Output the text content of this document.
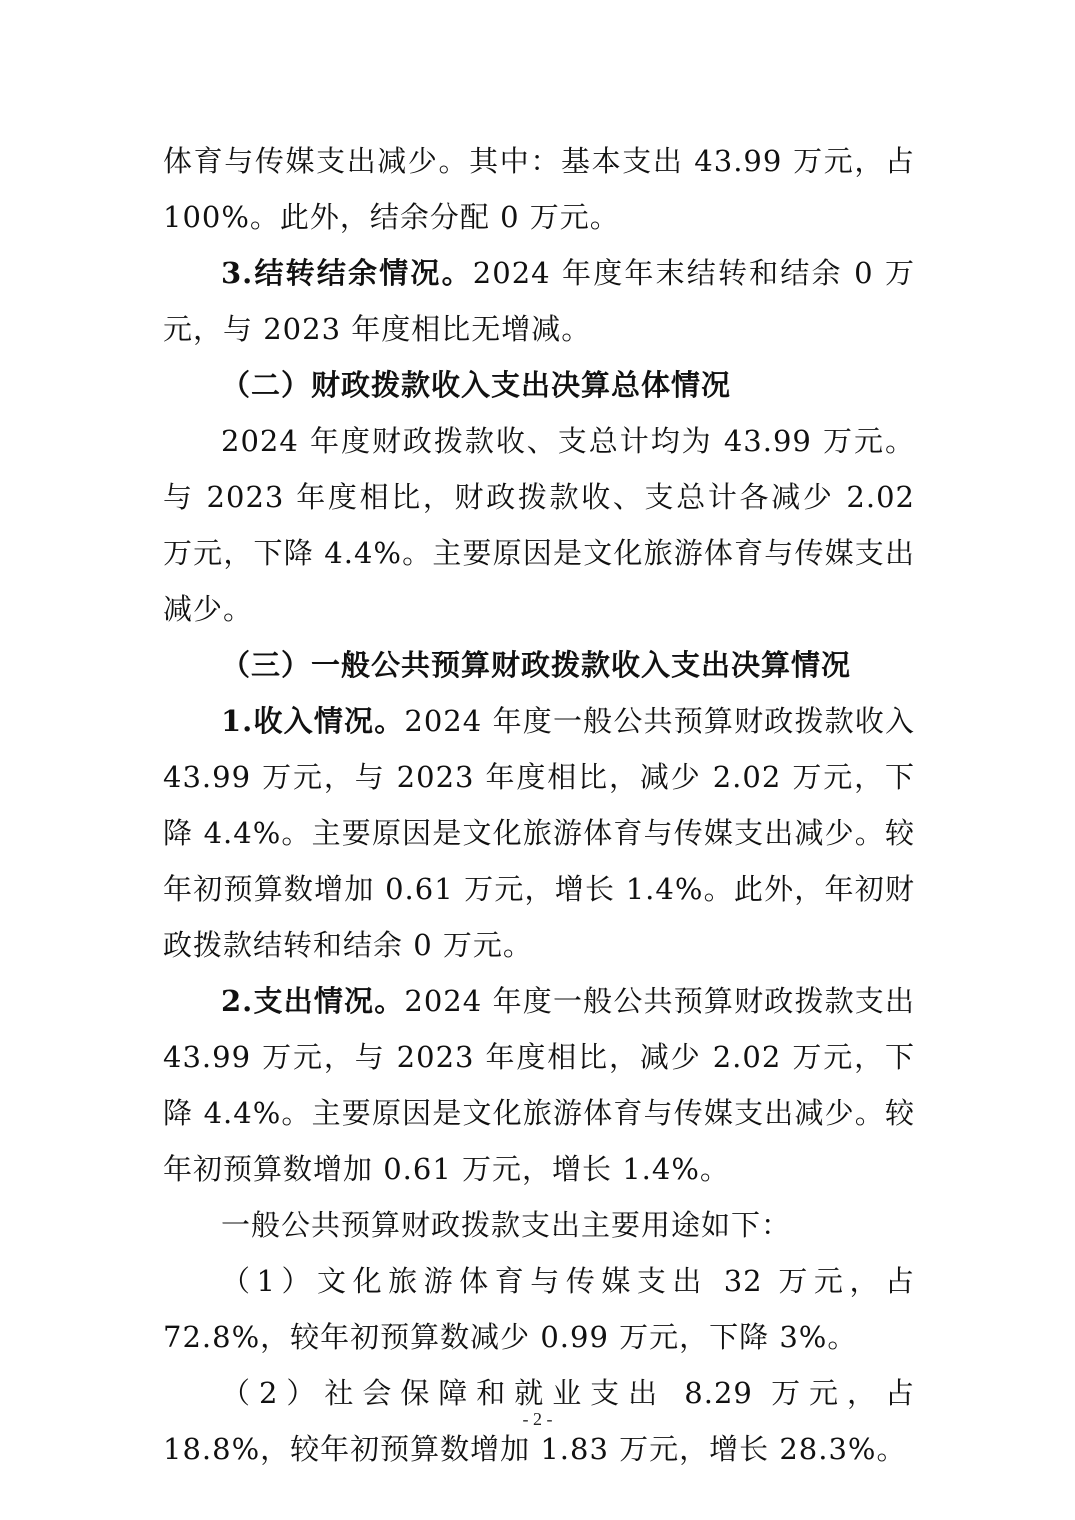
体育与传媒支出减少。其中：基本支出 43.99 万元，占 100%。此外，结余分配 0 万元。

3.结转结余情况。2024 年度年末结转和结余 0 万元，与 2023 年度相比无增减。

（二）财政拨款收入支出决算总体情况

2024 年度财政拨款收、支总计均为 43.99 万元。与 2023 年度相比，财政拨款收、支总计各减少 2.02 万元，下降 4.4%。主要原因是文化旅游体育与传媒支出减少。

（三）一般公共预算财政拨款收入支出决算情况

1.收入情况。2024 年度一般公共预算财政拨款收入 43.99 万元，与 2023 年度相比，减少 2.02 万元，下降 4.4%。主要原因是文化旅游体育与传媒支出减少。较年初预算数增加 0.61 万元，增长 1.4%。此外，年初财政拨款结转和结余 0 万元。

2.支出情况。2024 年度一般公共预算财政拨款支出 43.99 万元，与 2023 年度相比，减少 2.02 万元，下降 4.4%。主要原因是文化旅游体育与传媒支出减少。较年初预算数增加 0.61 万元，增长 1.4%。

一般公共预算财政拨款支出主要用途如下：

（1）文化旅游体育与传媒支出 32 万元，占 72.8%，较年初预算数减少 0.99 万元，下降 3%。

（2）社会保障和就业支出 8.29 万元，占 18.8%，较年初预算数增加 1.83 万元，增长 28.3%。

- 2 -
